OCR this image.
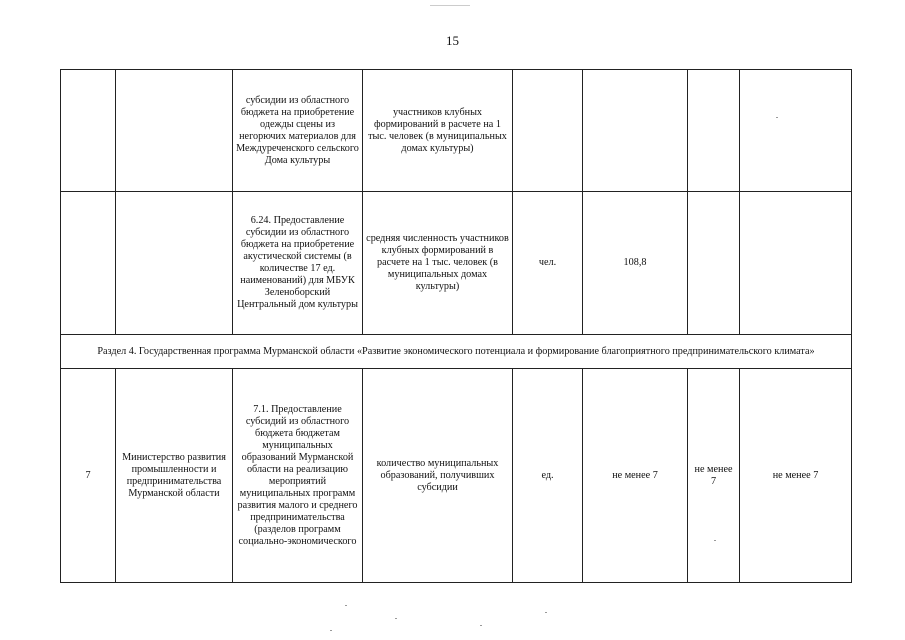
15

		субсидии из областного бюджета на приобретение одежды сцены из негорючих материалов для Междуреченского сельского Дома культуры	участников клубных формирований в расчете на 1 тыс. человек (в муниципальных домах культуры)				

		6.24. Предоставление субсидии из областного бюджета на приобретение акустической системы (в количестве 17 ед. наименований) для МБУК Зеленоборский Центральный дом культуры	средняя численность участников клубных формирований в расчете на 1 тыс. человек (в муниципальных домах культуры)	чел.	108,8		
Раздел 4. Государственная программа Мурманской области «Развитие экономического потенциала и формирование благоприятного предпринимательского климата»							
7	Министерство развития промышленности и предпринимательства Мурманской области	7.1. Предоставление субсидий из областного бюджета бюджетам муниципальных образований Мурманской области на реализацию мероприятий муниципальных программ развития малого и среднего предпринимательства (разделов программ социально-экономического	количество муниципальных образований, получивших субсидии	ед.	не менее 7	не менее 7	не менее 7
